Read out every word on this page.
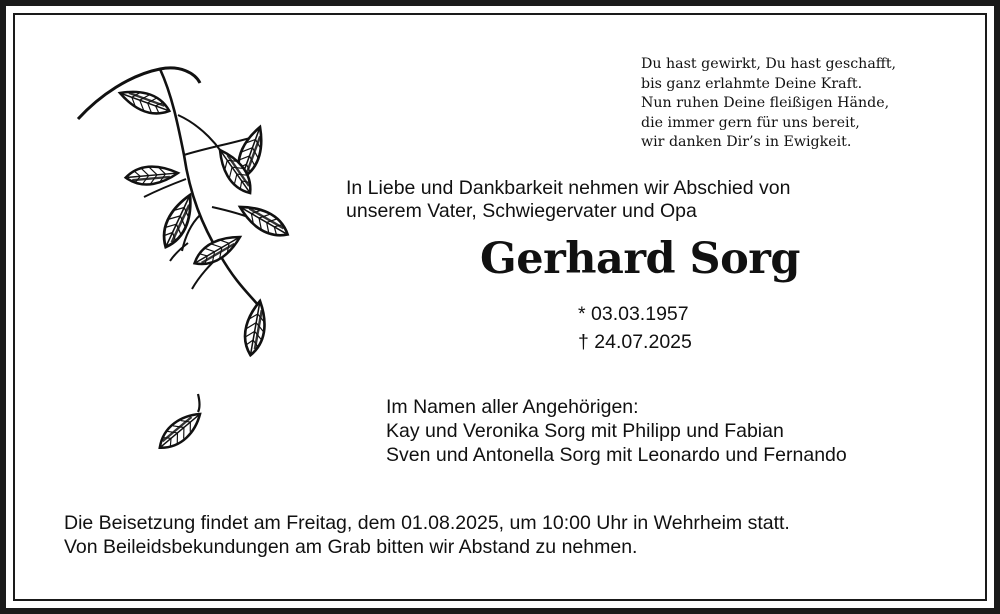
Du hast gewirkt, Du hast geschafft,
bis ganz erlahmte Deine Kraft.
Nun ruhen Deine fleißigen Hände,
die immer gern für uns bereit,
wir danken Dir’s in Ewigkeit.
In Liebe und Dankbarkeit nehmen wir Abschied von
unserem Vater, Schwiegervater und Opa
Gerhard Sorg
* 03.03.1957
† 24.07.2025
Im Namen aller Angehörigen:
Kay und Veronika Sorg mit Philipp und Fabian
Sven und Antonella Sorg mit Leonardo und Fernando
Die Beisetzung findet am Freitag, dem 01.08.2025, um 10:00 Uhr in Wehrheim statt.
Von Beileidsbekundungen am Grab bitten wir Abstand zu nehmen.
